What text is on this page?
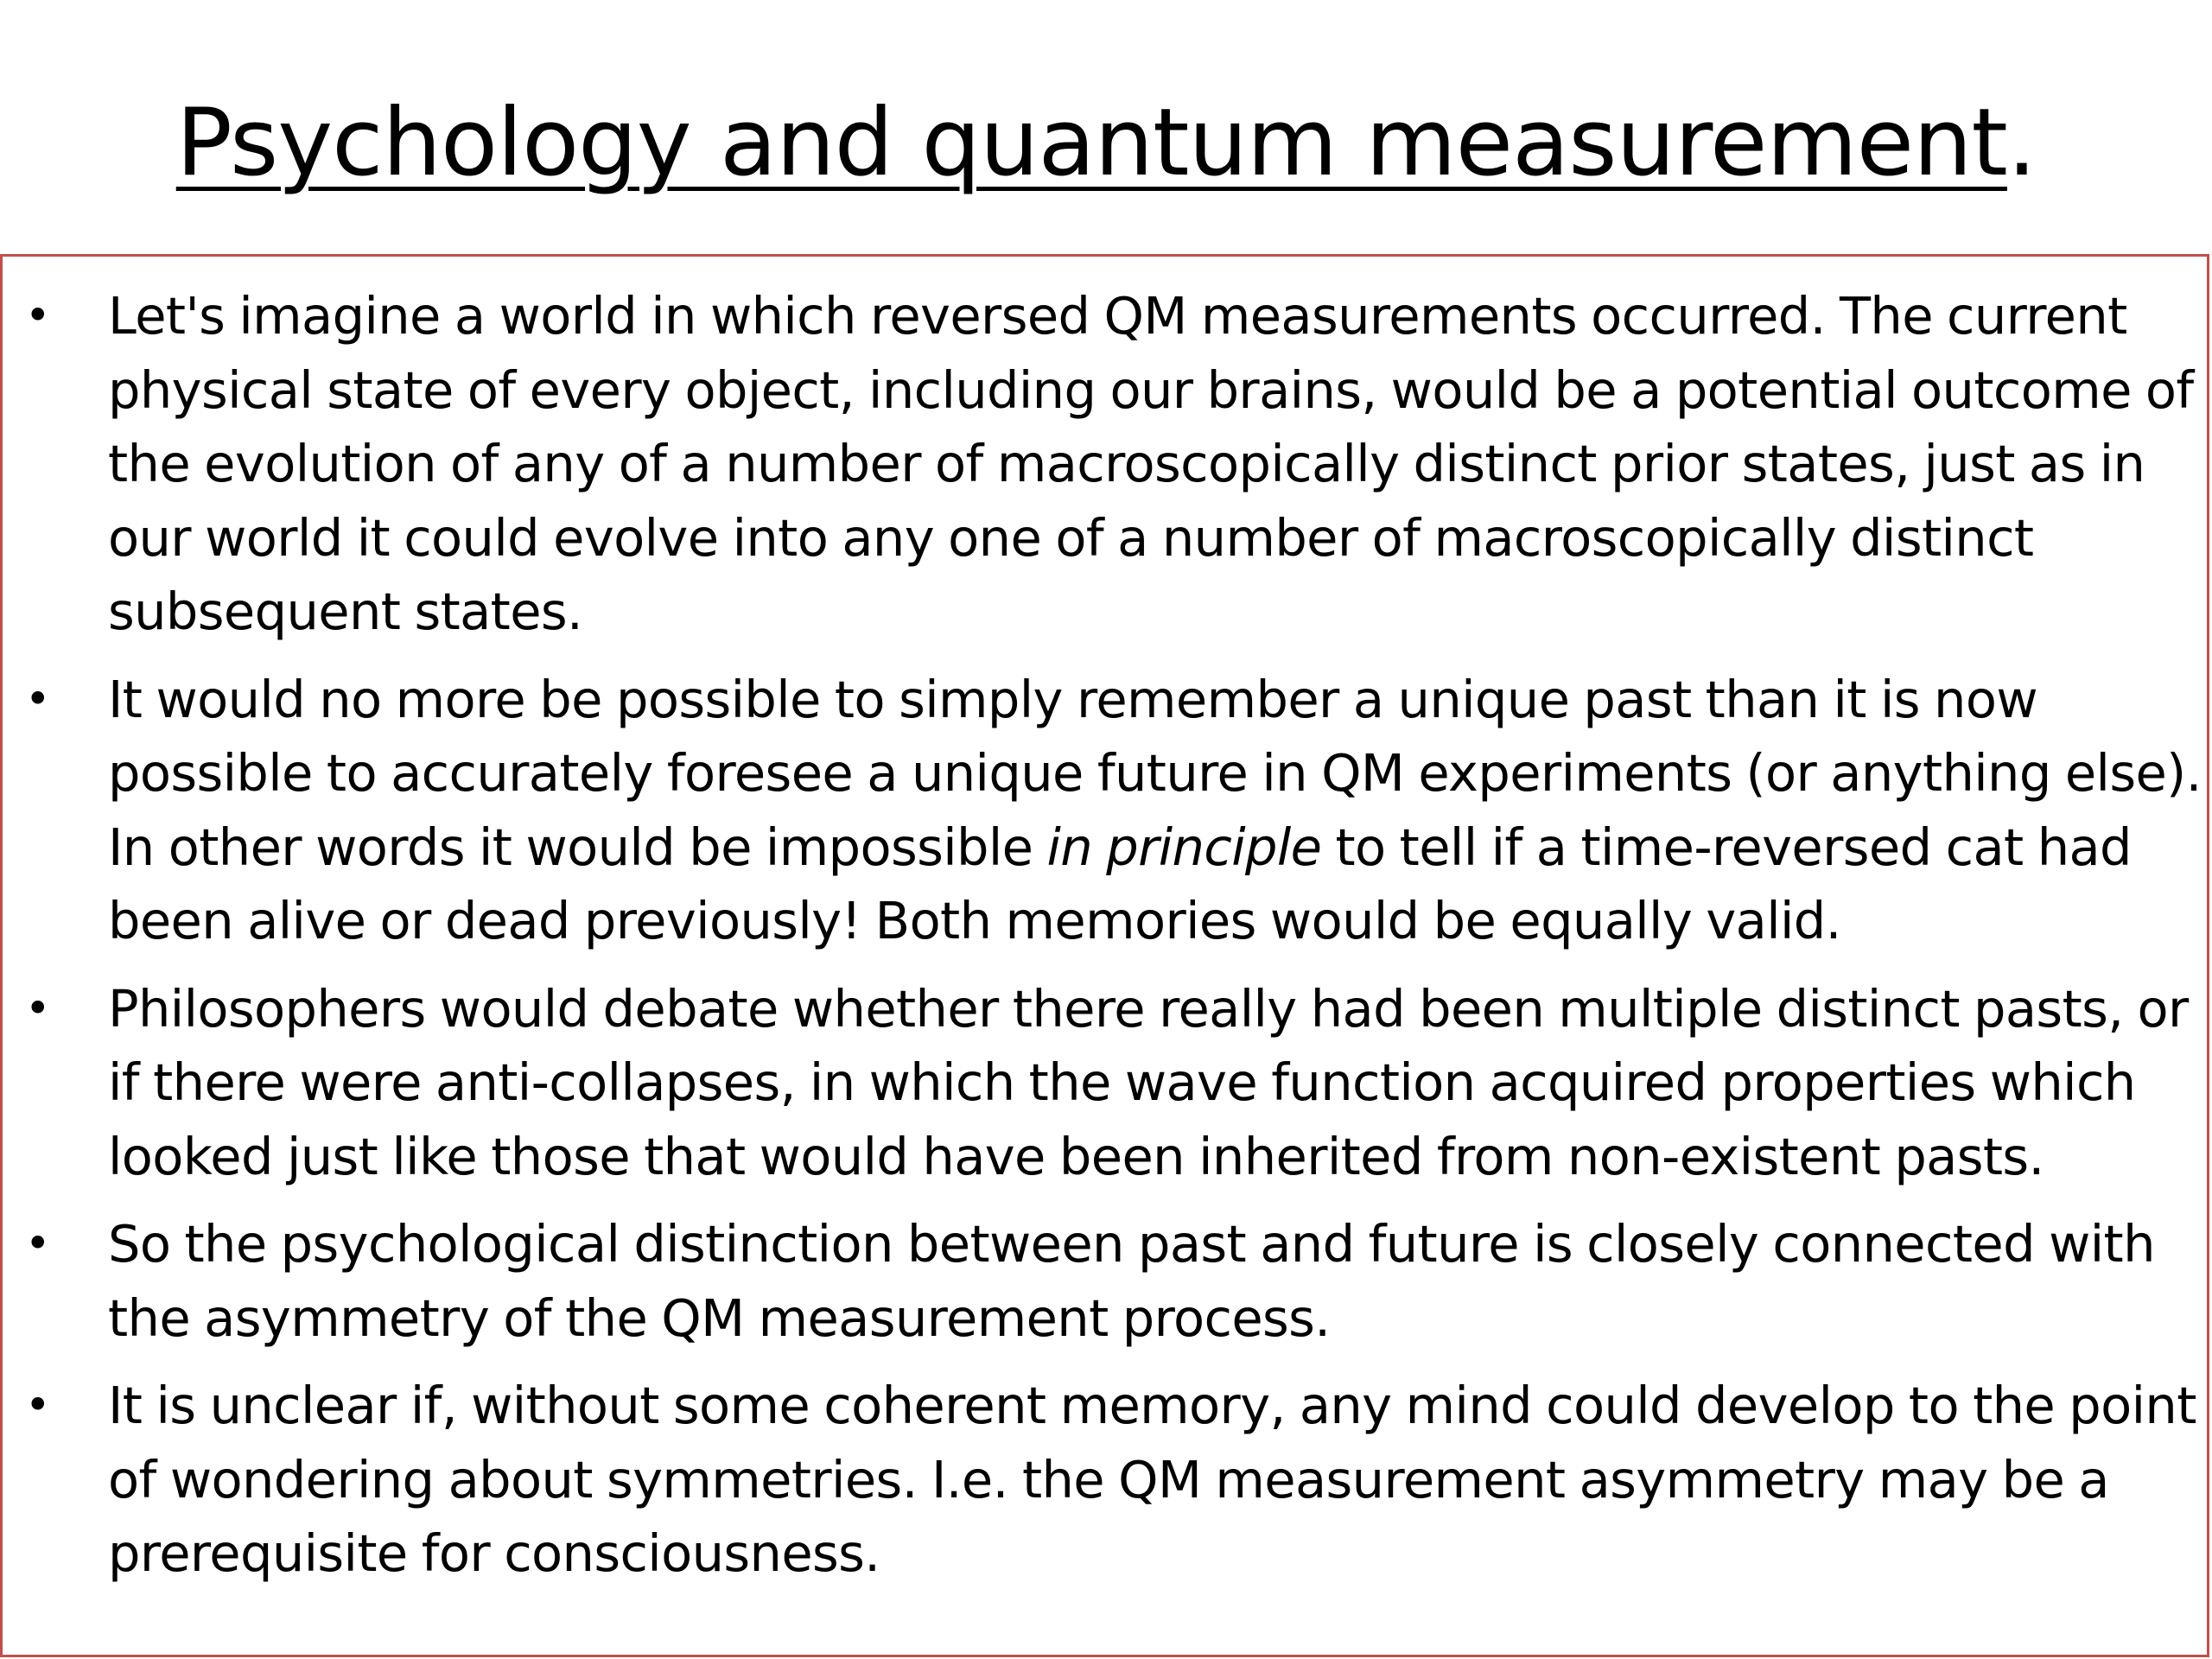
Psychology and quantum measurement.
• Let's imagine a world in which reversed QM measurements occurred. The current physical state of every object, including our brains, would be a potential outcome of the evolution of any of a number of macroscopically distinct prior states, just as in our world it could evolve into any one of a number of macroscopically distinct subsequent states.
• It would no more be possible to simply remember a unique past than it is now possible to accurately foresee a unique future in QM experiments (or anything else). In other words it would be impossible in principle to tell if a time-reversed cat had been alive or dead previously! Both memories would be equally valid.
• Philosophers would debate whether there really had been multiple distinct pasts, or if there were anti-collapses, in which the wave function acquired properties which looked just like those that would have been inherited from non-existent pasts.
• So the psychological distinction between past and future is closely connected with the asymmetry of the QM measurement process.
• It is unclear if, without some coherent memory, any mind could develop to the point of wondering about symmetries. I.e. the QM measurement asymmetry may be a prerequisite for consciousness.
